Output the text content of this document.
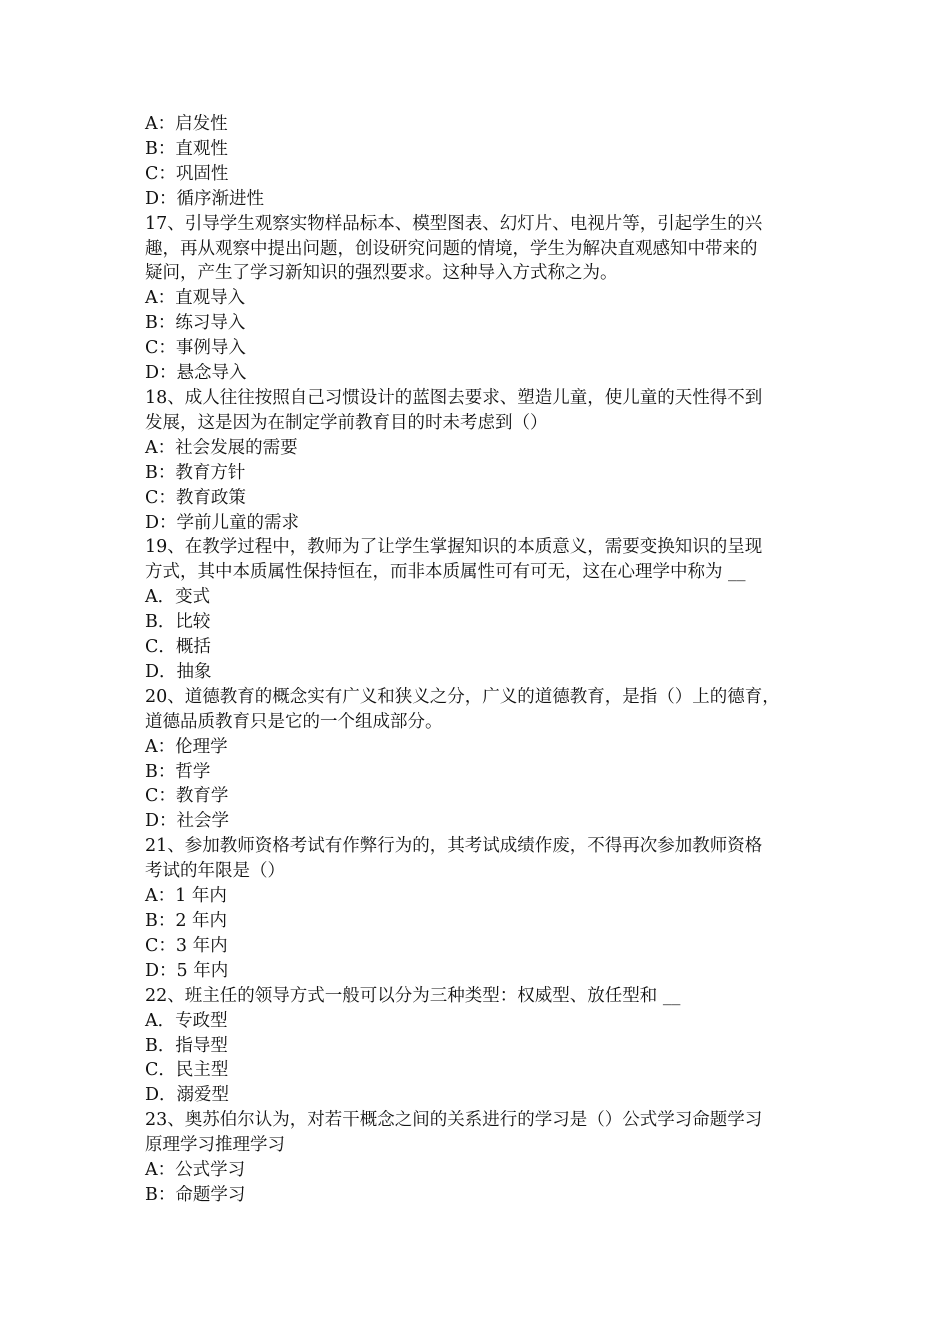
A：启发性
B：直观性
C：巩固性
D：循序渐进性
17、引导学生观察实物样品标本、模型图表、幻灯片、电视片等，引起学生的兴
趣，再从观察中提出问题，创设研究问题的情境，学生为解决直观感知中带来的
疑问，产生了学习新知识的强烈要求。这种导入方式称之为。
A：直观导入
B：练习导入
C：事例导入
D：悬念导入
18、成人往往按照自己习惯设计的蓝图去要求、塑造儿童，使儿童的天性得不到
发展，这是因为在制定学前教育目的时未考虑到（）
A：社会发展的需要
B：教育方针
C：教育政策
D：学前儿童的需求
19、在教学过程中，教师为了让学生掌握知识的本质意义，需要变换知识的呈现
方式，其中本质属性保持恒在，而非本质属性可有可无，这在心理学中称为 __
A．变式
B．比较
C．概括
D．抽象
20、道德教育的概念实有广义和狭义之分，广义的道德教育，是指（）上的德育，
道德品质教育只是它的一个组成部分。
A：伦理学
B：哲学
C：教育学
D：社会学
21、参加教师资格考试有作弊行为的，其考试成绩作废，不得再次参加教师资格
考试的年限是（）
A：1 年内
B：2 年内
C：3 年内
D：5 年内
22、班主任的领导方式一般可以分为三种类型：权威型、放任型和 __
A．专政型
B．指导型
C．民主型
D．溺爱型
23、奥苏伯尔认为，对若干概念之间的关系进行的学习是（）公式学习命题学习
原理学习推理学习
A：公式学习
B：命题学习
